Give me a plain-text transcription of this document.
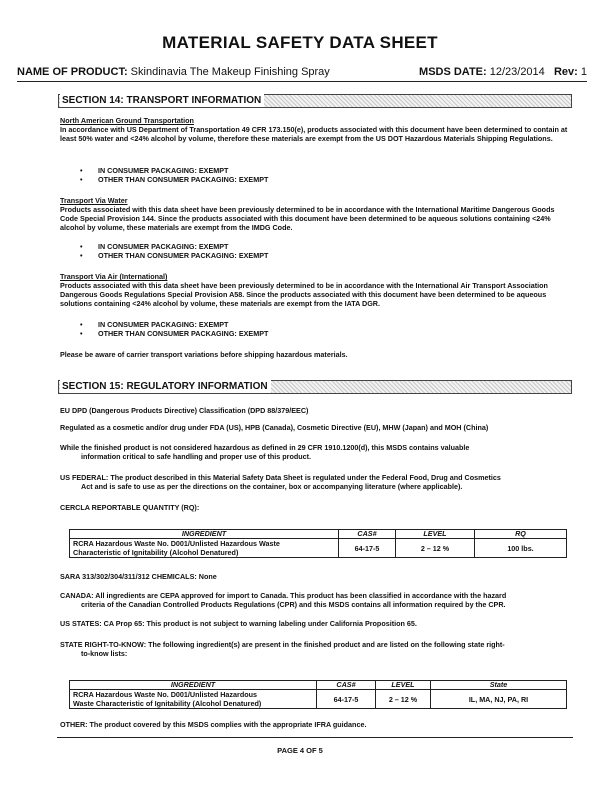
MATERIAL SAFETY DATA SHEET
NAME OF PRODUCT: Skindinavia The Makeup Finishing Spray	MSDS DATE: 12/23/2014 Rev: 1
SECTION 14: TRANSPORT INFORMATION
North American Ground Transportation
In accordance with US Department of Transportation 49 CFR 173.150(e), products associated with this document have been determined to contain at least 50% water and <24% alcohol by volume, therefore these materials are exempt from the US DOT Hazardous Materials Shipping Regulations.
• IN CONSUMER PACKAGING: EXEMPT
• OTHER THAN CONSUMER PACKAGING: EXEMPT
Transport Via Water
Products associated with this data sheet have been previously determined to be in accordance with the International Maritime Dangerous Goods Code Special Provision 144. Since the products associated with this document have been determined to be aqueous solutions containing <24% alcohol by volume, these materials are exempt from the IMDG Code.
• IN CONSUMER PACKAGING: EXEMPT
• OTHER THAN CONSUMER PACKAGING: EXEMPT
Transport Via Air (International)
Products associated with this data sheet have been previously determined to be in accordance with the International Air Transport Association Dangerous Goods Regulations Special Provision A58. Since the products associated with this document have been determined to be aqueous solutions containing <24% alcohol by volume, these materials are exempt from the IATA DGR.
• IN CONSUMER PACKAGING: EXEMPT
• OTHER THAN CONSUMER PACKAGING: EXEMPT
Please be aware of carrier transport variations before shipping hazardous materials.
SECTION 15: REGULATORY INFORMATION
EU DPD (Dangerous Products Directive) Classification (DPD 88/379/EEC)
Regulated as a cosmetic and/or drug under FDA (US), HPB (Canada), Cosmetic Directive (EU), MHW (Japan) and MOH (China)
While the finished product is not considered hazardous as defined in 29 CFR 1910.1200(d), this MSDS contains valuable
information critical to safe handling and proper use of this product.
US FEDERAL: The product described in this Material Safety Data Sheet is regulated under the Federal Food, Drug and Cosmetics
Act and is safe to use as per the directions on the container, box or accompanying literature (where applicable).
CERCLA REPORTABLE QUANTITY (RQ):
INGREDIENT	CAS#	LEVEL	RQ
RCRA Hazardous Waste No. D001/Unlisted Hazardous Waste
Characteristic of Ignitability (Alcohol Denatured)	64-17-5	2 – 12 %	100 lbs.
SARA 313/302/304/311/312 CHEMICALS: None
CANADA: All ingredients are CEPA approved for import to Canada. This product has been classified in accordance with the hazard
criteria of the Canadian Controlled Products Regulations (CPR) and this MSDS contains all information required by the CPR.
US STATES: CA Prop 65: This product is not subject to warning labeling under California Proposition 65.
STATE RIGHT-TO-KNOW: The following ingredient(s) are present in the finished product and are listed on the following state right-
to-know lists:
INGREDIENT	CAS#	LEVEL	State
RCRA Hazardous Waste No. D001/Unlisted Hazardous
Waste Characteristic of Ignitability (Alcohol Denatured)	64-17-5	2 – 12 %	IL, MA, NJ, PA, RI
OTHER: The product covered by this MSDS complies with the appropriate IFRA guidance.
PAGE 4 OF 5
